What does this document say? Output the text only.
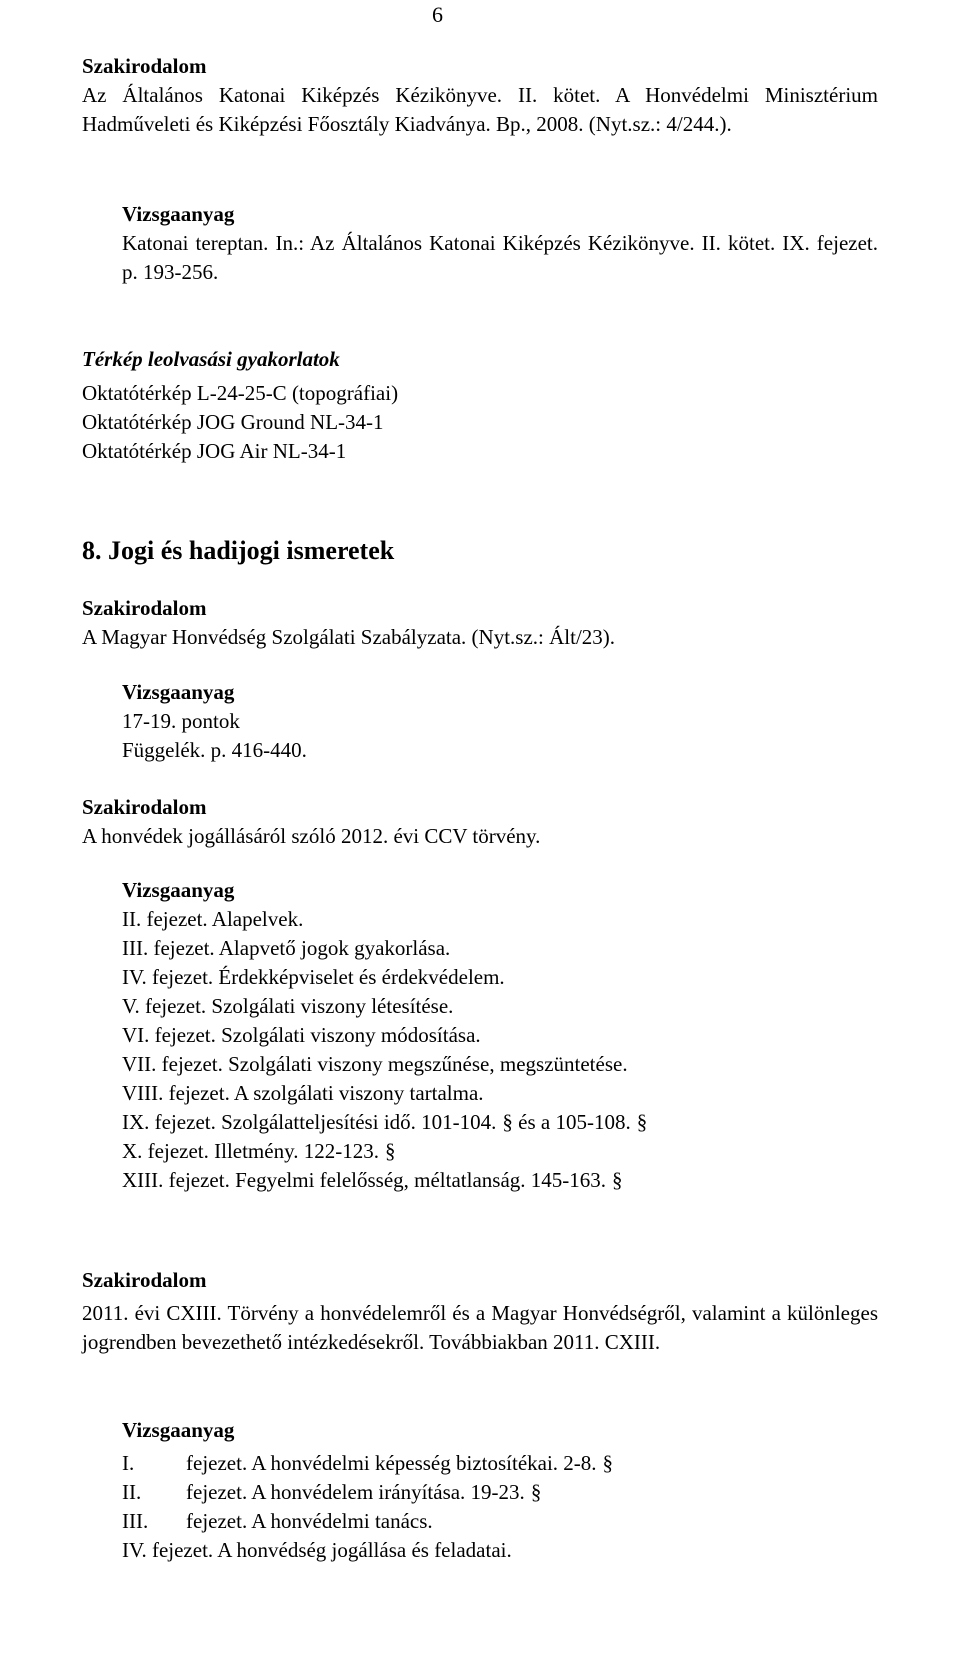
6

Szakirodalom

Az Általános Katonai Kiképzés Kézikönyve. II. kötet. A Honvédelmi Minisztérium Hadműveleti és Kiképzési Főosztály Kiadványa. Bp., 2008. (Nyt.sz.: 4/244.).

Vizsgaanyag

Katonai tereptan. In.: Az Általános Katonai Kiképzés Kézikönyve. II. kötet. IX. fejezet. p. 193-256.

Térkép leolvasási gyakorlatok

Oktatótérkép L-24-25-C (topográfiai)

Oktatótérkép JOG Ground NL-34-1

Oktatótérkép JOG Air NL-34-1

8. Jogi és hadijogi ismeretek

Szakirodalom

A Magyar Honvédség Szolgálati Szabályzata. (Nyt.sz.: Ált/23).

Vizsgaanyag

17-19. pontok

Függelék. p. 416-440.

Szakirodalom

A honvédek jogállásáról szóló 2012. évi CCV törvény.

Vizsgaanyag

II. fejezet. Alapelvek.

III. fejezet. Alapvető jogok gyakorlása.

IV. fejezet. Érdekképviselet és érdekvédelem.

V. fejezet. Szolgálati viszony létesítése.

VI. fejezet. Szolgálati viszony módosítása.

VII. fejezet. Szolgálati viszony megszűnése, megszüntetése.

VIII. fejezet. A szolgálati viszony tartalma.

IX. fejezet. Szolgálatteljesítési idő. 101-104. § és a 105-108. §

X. fejezet. Illetmény. 122-123. §

XIII. fejezet. Fegyelmi felelősség, méltatlanság. 145-163. §

Szakirodalom

2011. évi CXIII. Törvény a honvédelemről és a Magyar Honvédségről, valamint a különleges jogrendben bevezethető intézkedésekről. Továbbiakban 2011. CXIII.

Vizsgaanyag

I. fejezet. A honvédelmi képesség biztosítékai. 2-8. §

II. fejezet. A honvédelem irányítása. 19-23. §

III. fejezet. A honvédelmi tanács.

IV. fejezet. A honvédség jogállása és feladatai.
